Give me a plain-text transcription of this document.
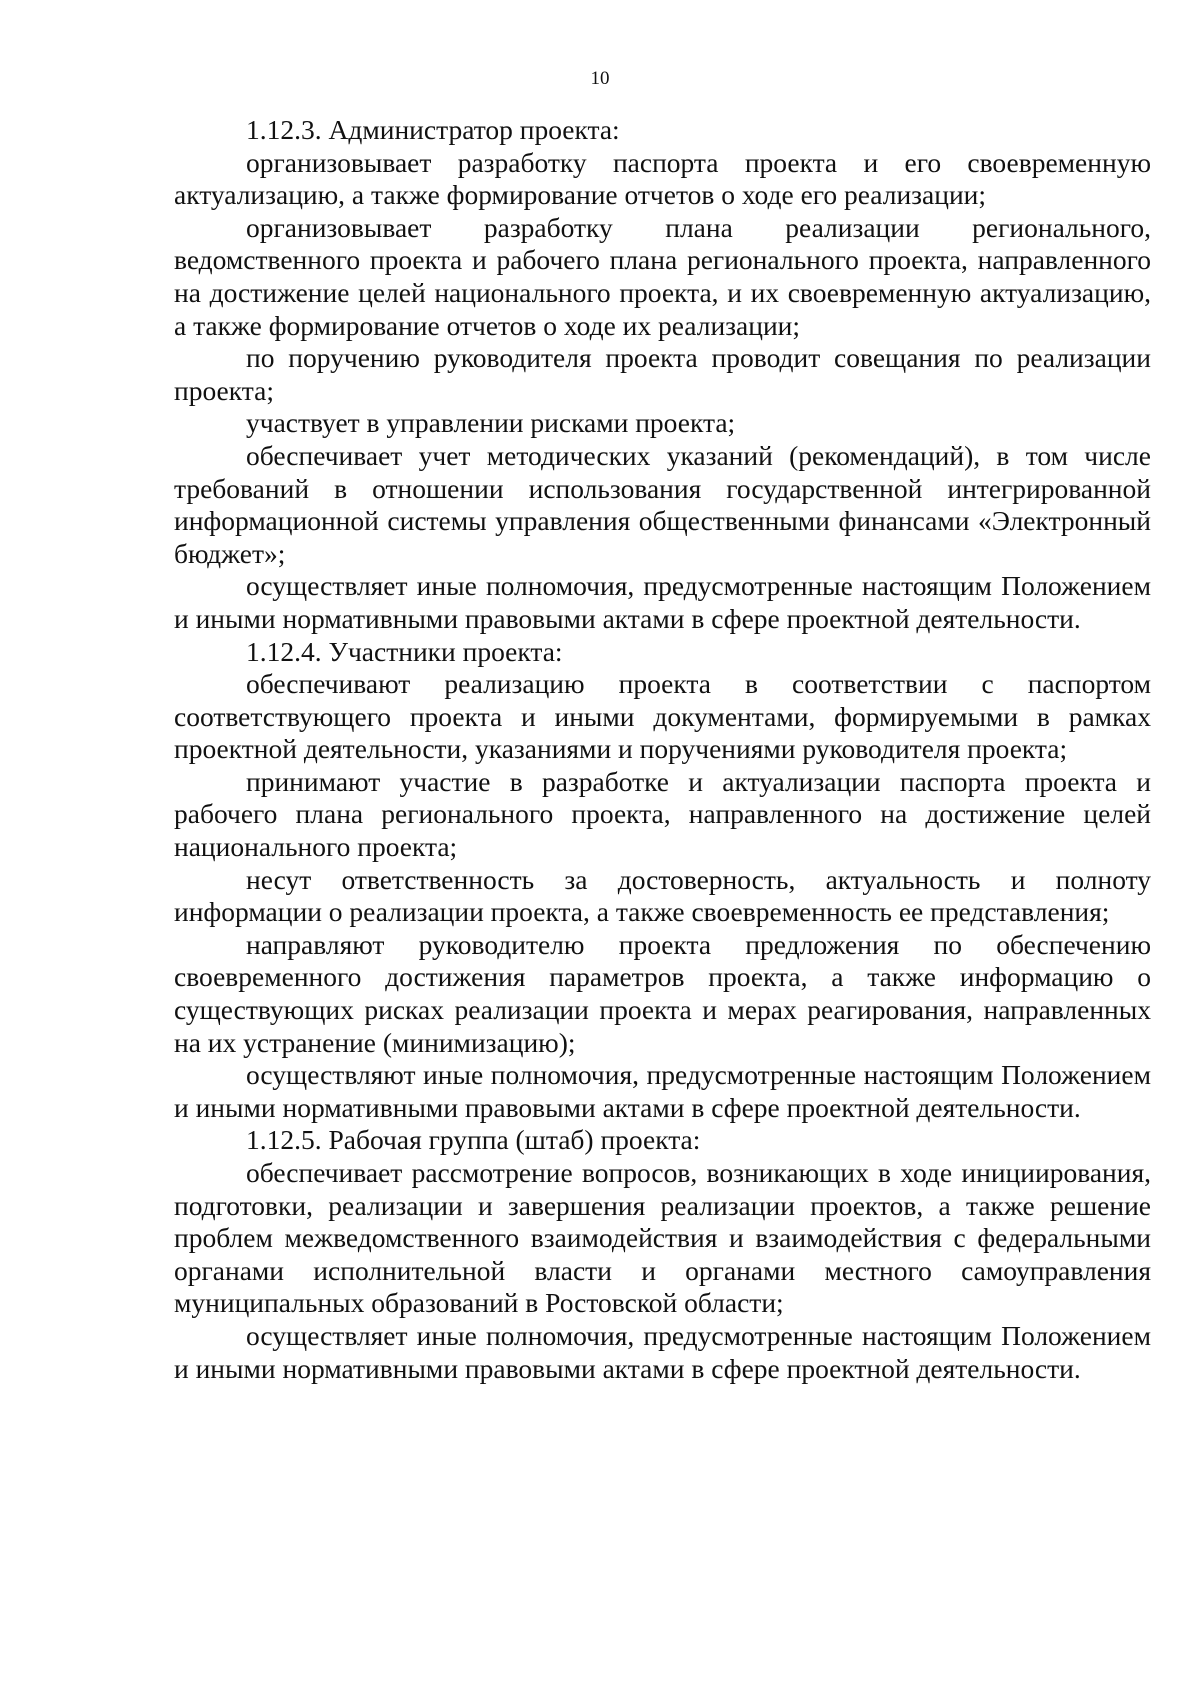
10

1.12.3. Администратор проекта:

организовывает разработку паспорта проекта и его своевременную актуализацию, а также формирование отчетов о ходе его реализации;

организовывает разработку плана реализации регионального, ведомственного проекта и рабочего плана регионального проекта, направленного на достижение целей национального проекта, и их своевременную актуализацию, а также формирование отчетов о ходе их реализации;

по поручению руководителя проекта проводит совещания по реализации проекта;

участвует в управлении рисками проекта;

обеспечивает учет методических указаний (рекомендаций), в том числе требований в отношении использования государственной интегрированной информационной системы управления общественными финансами «Электронный бюджет»;

осуществляет иные полномочия, предусмотренные настоящим Положением и иными нормативными правовыми актами в сфере проектной деятельности.

1.12.4. Участники проекта:

обеспечивают реализацию проекта в соответствии с паспортом соответствующего проекта и иными документами, формируемыми в рамках проектной деятельности, указаниями и поручениями руководителя проекта;

принимают участие в разработке и актуализации паспорта проекта и рабочего плана регионального проекта, направленного на достижение целей национального проекта;

несут ответственность за достоверность, актуальность и полноту информации о реализации проекта, а также своевременность ее представления;

направляют руководителю проекта предложения по обеспечению своевременного достижения параметров проекта, а также информацию о существующих рисках реализации проекта и мерах реагирования, направленных на их устранение (минимизацию);

осуществляют иные полномочия, предусмотренные настоящим Положением и иными нормативными правовыми актами в сфере проектной деятельности.

1.12.5. Рабочая группа (штаб) проекта:

обеспечивает рассмотрение вопросов, возникающих в ходе инициирования, подготовки, реализации и завершения реализации проектов, а также решение проблем межведомственного взаимодействия и взаимодействия с федеральными органами исполнительной власти и органами местного самоуправления муниципальных образований в Ростовской области;

осуществляет иные полномочия, предусмотренные настоящим Положением и иными нормативными правовыми актами в сфере проектной деятельности.
